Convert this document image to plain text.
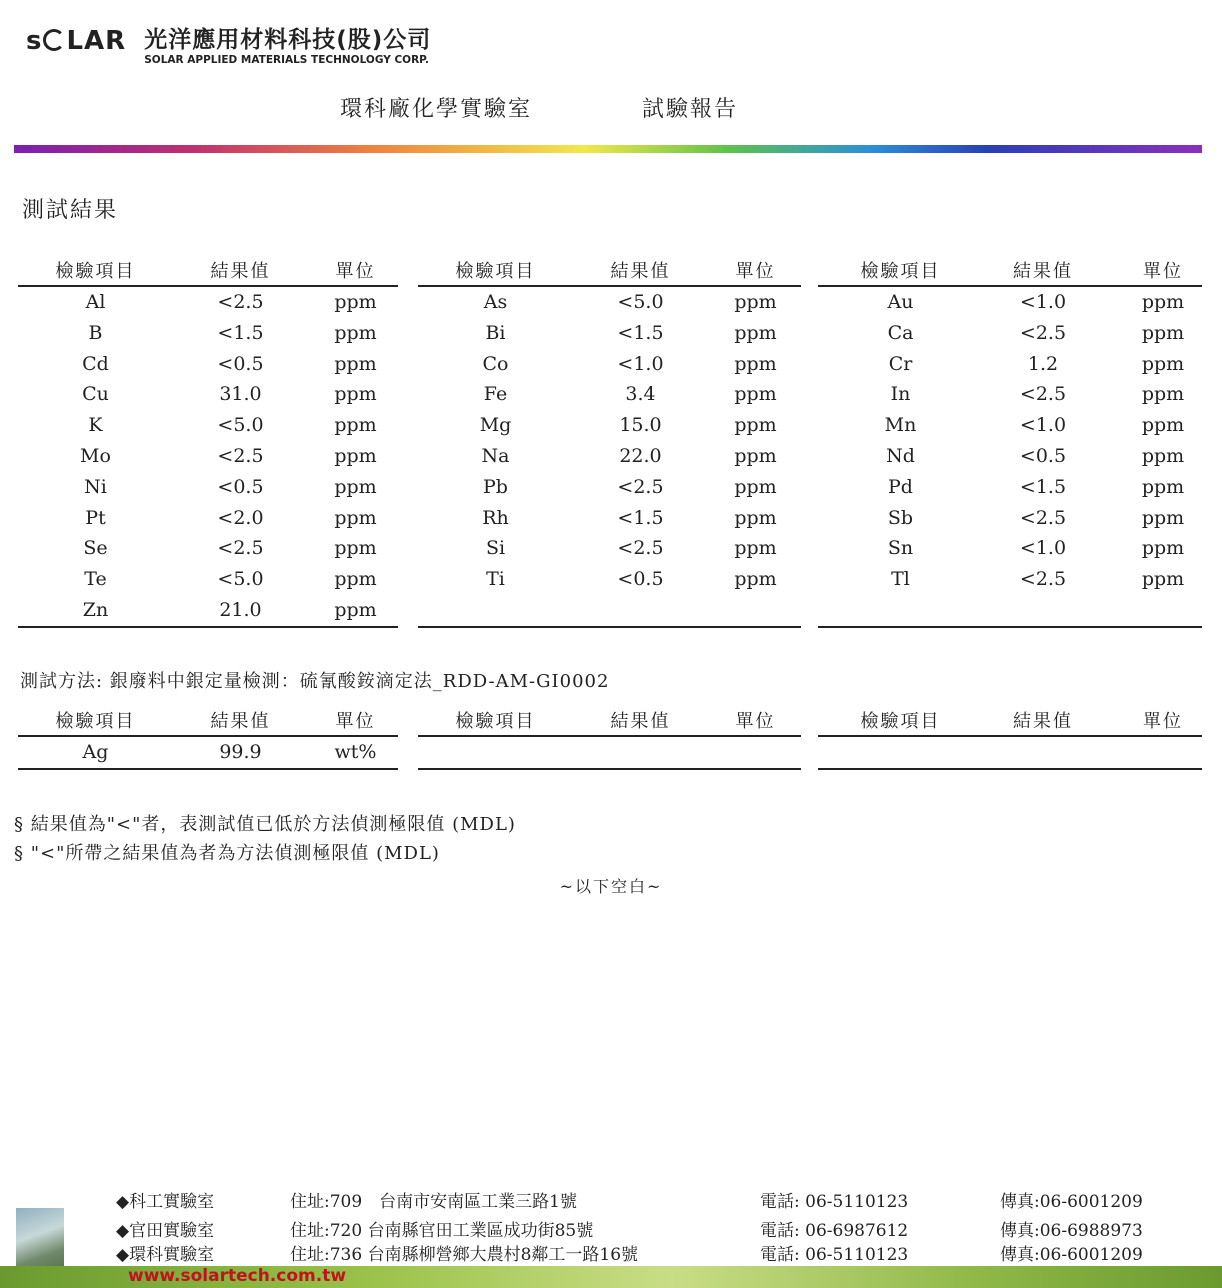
s LAR 光洋應用材料科技(股)公司
SOLAR APPLIED MATERIALS TECHNOLOGY CORP.
環科廠化學實驗室	試驗報告
測試結果
檢驗項目	結果值	單位
Al	<2.5	ppm
B	<1.5	ppm
Cd	<0.5	ppm
Cu	31.0	ppm
K	<5.0	ppm
Mo	<2.5	ppm
Ni	<0.5	ppm
Pt	<2.0	ppm
Se	<2.5	ppm
Te	<5.0	ppm
Zn	21.0	ppm
檢驗項目	結果值	單位
As	<5.0	ppm
Bi	<1.5	ppm
Co	<1.0	ppm
Fe	3.4	ppm
Mg	15.0	ppm
Na	22.0	ppm
Pb	<2.5	ppm
Rh	<1.5	ppm
Si	<2.5	ppm
Ti	<0.5	ppm
檢驗項目	結果值	單位
Au	<1.0	ppm
Ca	<2.5	ppm
Cr	1.2	ppm
In	<2.5	ppm
Mn	<1.0	ppm
Nd	<0.5	ppm
Pd	<1.5	ppm
Sb	<2.5	ppm
Sn	<1.0	ppm
Tl	<2.5	ppm
測試方法: 銀廢料中銀定量檢測：硫氰酸銨滴定法_RDD-AM-GI0002
檢驗項目	結果值	單位
Ag	99.9	wt%
檢驗項目	結果值	單位	檢驗項目	結果值	單位
§ 結果值為"<"者，表測試值已低於方法偵測極限值 (MDL)
§ "<"所帶之結果值為者為方法偵測極限值 (MDL)
~以下空白~
◆科工實驗室	住址:709　台南市安南區工業三路1號	電話: 06-5110123	傳真:06-6001209
◆官田實驗室	住址:720 台南縣官田工業區成功街85號	電話: 06-6987612	傳真:06-6988973
◆環科實驗室	住址:736 台南縣柳營鄉大農村8鄰工一路16號	電話: 06-5110123	傳真:06-6001209
www.solartech.com.tw
